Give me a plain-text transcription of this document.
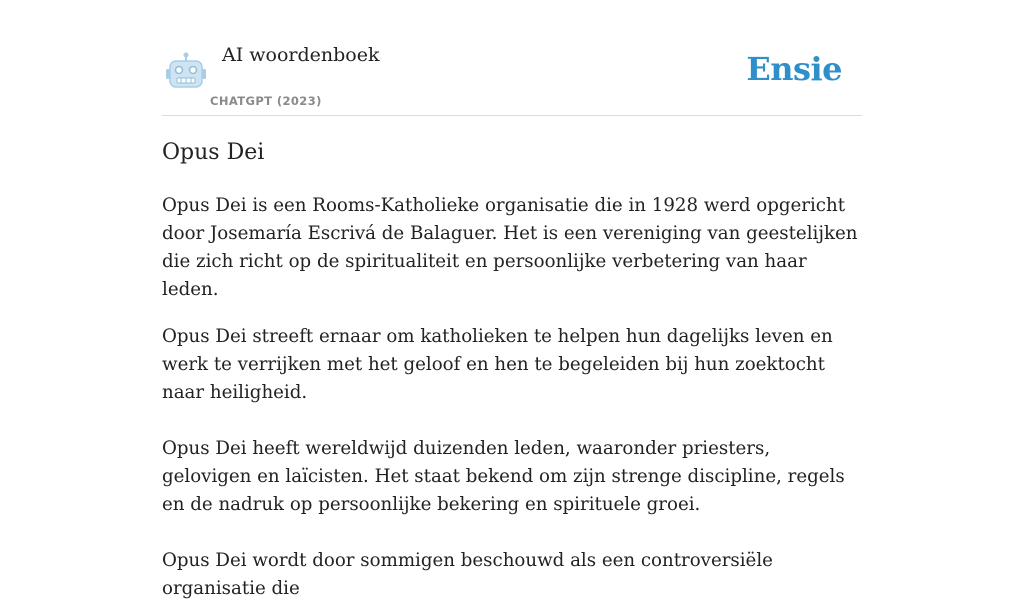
AI woordenboek
CHATGPT (2023)
Ensie
Opus Dei

Opus Dei is een Rooms-Katholieke organisatie die in 1928 werd opgericht door Josemaría Escrivá de Balaguer. Het is een vereniging van geestelijken die zich richt op de spiritualiteit en persoonlijke verbetering van haar leden.

Opus Dei streeft ernaar om katholieken te helpen hun dagelijks leven en werk te verrijken met het geloof en hen te begeleiden bij hun zoektocht naar heiligheid.

Opus Dei heeft wereldwijd duizenden leden, waaronder priesters, gelovigen en laïcisten. Het staat bekend om zijn strenge discipline, regels en de nadruk op persoonlijke bekering en spirituele groei.

Opus Dei wordt door sommigen beschouwd als een controversiële organisatie die
